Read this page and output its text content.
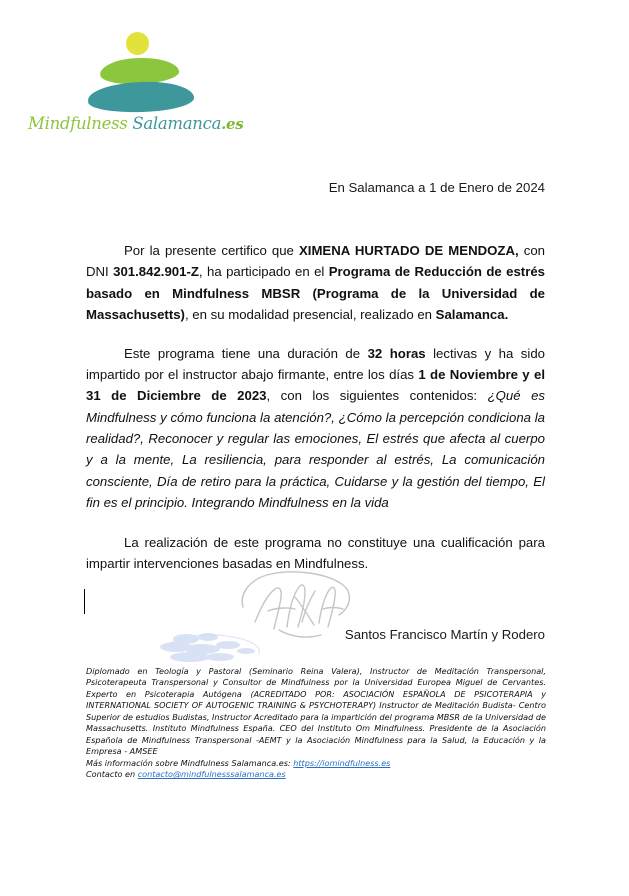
Mindfulness Salamanca.es
En Salamanca a 1 de Enero de 2024

Por la presente certifico que XIMENA HURTADO DE MENDOZA, con DNI 301.842.901-Z, ha participado en el Programa de Reducción de estrés basado en Mindfulness MBSR (Programa de la Universidad de Massachusetts), en su modalidad presencial, realizado en Salamanca.

Este programa tiene una duración de 32 horas lectivas y ha sido impartido por el instructor abajo firmante, entre los días 1 de Noviembre y el 31 de Diciembre de 2023, con los siguientes contenidos: ¿Qué es Mindfulness y cómo funciona la atención?, ¿Cómo la percepción condiciona la realidad?, Reconocer y regular las emociones, El estrés que afecta al cuerpo y a la mente, La resiliencia, para responder al estrés, La comunicación consciente, Día de retiro para la práctica, Cuidarse y la gestión del tiempo, El fin es el principio. Integrando Mindfulness en la vida

La realización de este programa no constituye una cualificación para impartir intervenciones basadas en Mindfulness.

Santos Francisco Martín y Rodero
Diplomado en Teología y Pastoral (Seminario Reina Valera), Instructor de Meditación Transpersonal, Psicoterapeuta Transpersonal y Consultor de Mindfulness por la Universidad Europea Miguel de Cervantes. Experto en Psicoterapia Autógena (ACREDITADO POR: ASOCIACIÓN ESPAÑOLA DE PSICOTERAPIA y INTERNATIONAL SOCIETY OF AUTOGENIC TRAINING & PSYCHOTERAPY) Instructor de Meditación Budista- Centro Superior de estudios Budistas, Instructor Acreditado para la impartición del programa MBSR de la Universidad de Massachusetts. Instituto Mindfulness España. CEO del Instituto Om Mindfulness. Presidente de la Asociación Española de Mindfulness Transpersonal -AEMT y la Asociación Mindfulness para la Salud, la Educación y la Empresa - AMSEE
Más información sobre Mindfulness Salamanca.es: https://iomindfulness.es
Contacto en contacto@mindfulnesssalamanca.es
